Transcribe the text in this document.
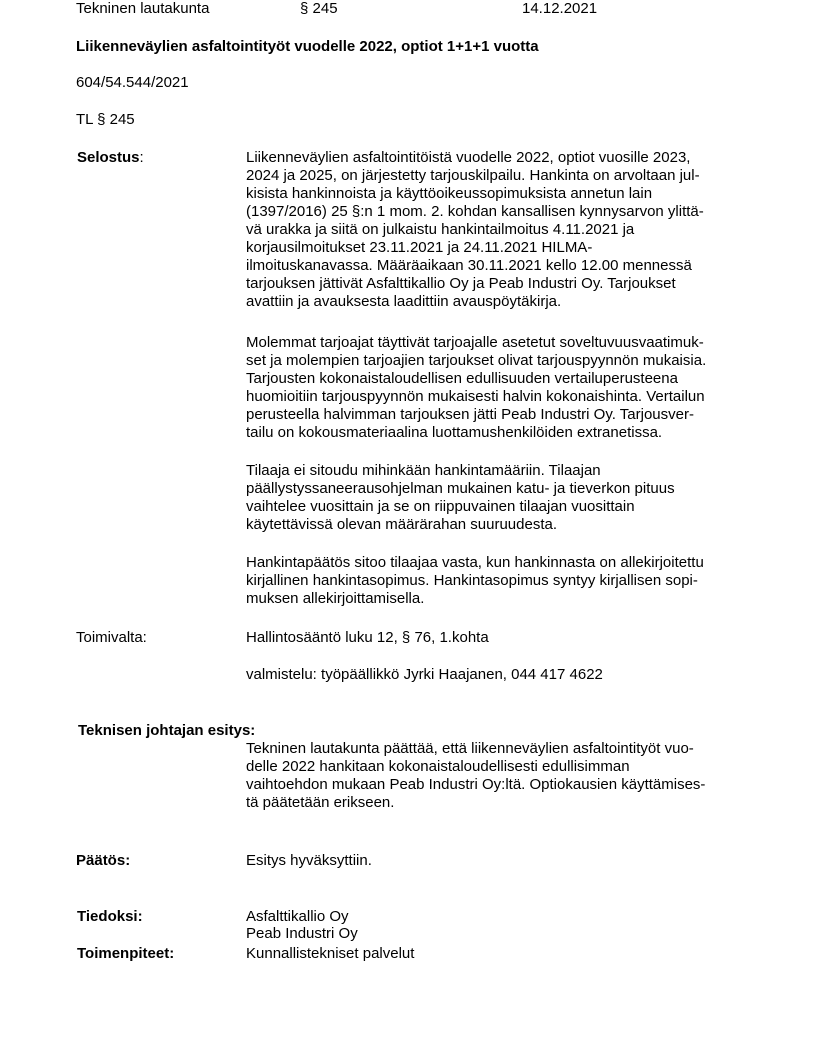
Tekninen lautakunta	§ 245	14.12.2021
Liikenneväylien asfaltointityöt vuodelle 2022, optiot 1+1+1 vuotta
604/54.544/2021
TL § 245
Selostus:	Liikenneväylien asfaltointitöistä vuodelle 2022, optiot vuosille 2023,
2024 ja 2025, on järjestetty tarjouskilpailu. Hankinta on arvoltaan jul-
kisista hankinnoista ja käyttöoikeussopimuksista annetun lain
(1397/2016) 25 §:n 1 mom. 2. kohdan kansallisen kynnysarvon ylittä-
vä urakka ja siitä on julkaistu hankintailmoitus 4.11.2021 ja
korjausilmoitukset 23.11.2021 ja 24.11.2021 HILMA-
ilmoituskanavassa. Määräaikaan 30.11.2021 kello 12.00 mennessä
tarjouksen jättivät Asfalttikallio Oy ja Peab Industri Oy. Tarjoukset
avattiin ja avauksesta laadittiin avauspöytäkirja.
Molemmat tarjoajat täyttivät tarjoajalle asetetut soveltuvuusvaatimuk-
set ja molempien tarjoajien tarjoukset olivat tarjouspyynnön mukaisia.
Tarjousten kokonaistaloudellisen edullisuuden vertailuperusteena
huomioitiin tarjouspyynnön mukaisesti halvin kokonaishinta. Vertailun
perusteella halvimman tarjouksen jätti Peab Industri Oy. Tarjousver-
tailu on kokousmateriaalina luottamushenkilöiden extranetissa.
Tilaaja ei sitoudu mihinkään hankintamääriin. Tilaajan
päällystyssaneerausohjelman mukainen katu- ja tieverkon pituus
vaihtelee vuosittain ja se on riippuvainen tilaajan vuosittain
käytettävissä olevan määrärahan suuruudesta.
Hankintapäätös sitoo tilaajaa vasta, kun hankinnasta on allekirjoitettu
kirjallinen hankintasopimus. Hankintasopimus syntyy kirjallisen sopi-
muksen allekirjoittamisella.
Toimivalta:	Hallintosääntö luku 12, § 76, 1.kohta
valmistelu: työpäällikkö Jyrki Haajanen, 044 417 4622
Teknisen johtajan esitys:
Tekninen lautakunta päättää, että liikenneväylien asfaltointityöt vuo-
delle 2022 hankitaan kokonaistaloudellisesti edullisimman
vaihtoehdon mukaan Peab Industri Oy:ltä. Optiokausien käyttämises-
tä päätetään erikseen.
Päätös:	Esitys hyväksyttiin.
Tiedoksi:	Asfalttikallio Oy
Peab Industri Oy
Toimenpiteet:	Kunnallistekniset palvelut
